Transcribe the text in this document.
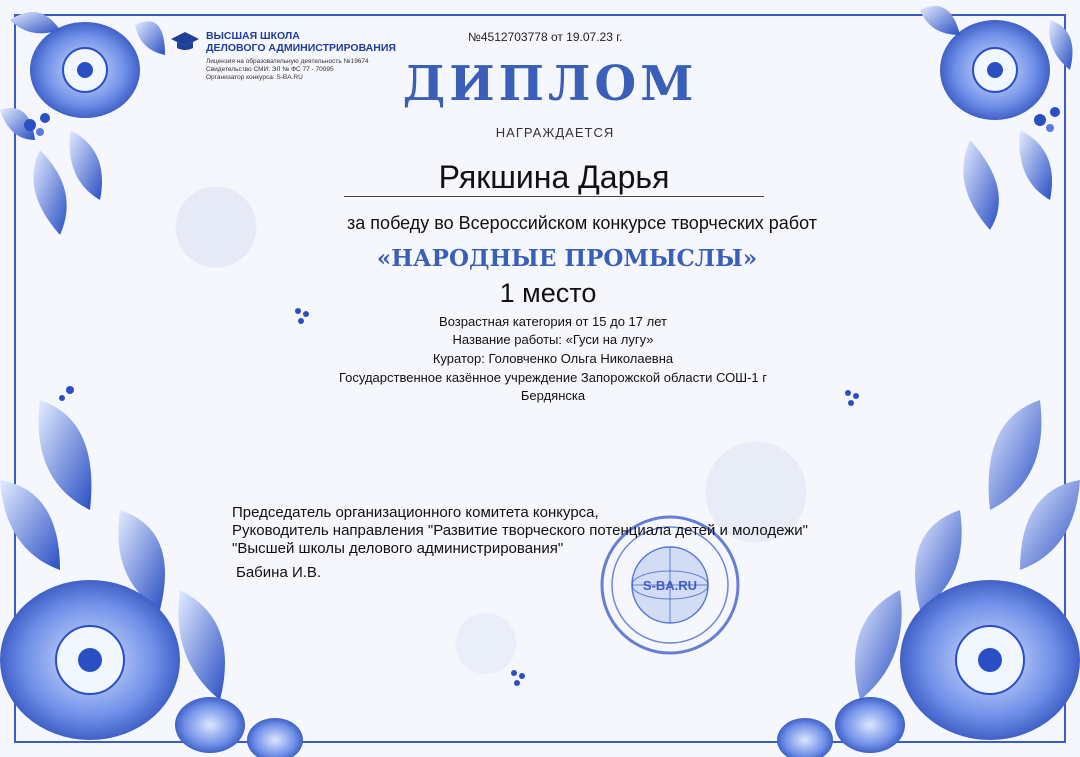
ВЫСШАЯ ШКОЛА
ДЕЛОВОГО АДМИНИСТРИРОВАНИЯ
Лицензия на образовательную деятельность №19674
Свидетельство СМИ: ЭЛ № ФС 77 - 70095
Организатор конкурса: S-BA.RU
№4512703778 от 19.07.23 г.
ДИПЛОМ
НАГРАЖДАЕТСЯ
Рякшина Дарья
за победу во Всероссийском конкурсе творческих работ
«НАРОДНЫЕ ПРОМЫСЛЫ»
1 место
Возрастная категория от 15 до 17 лет
Название работы: «Гуси на лугу»
Куратор: Головченко Ольга Николаевна
Государственное казённое учреждение Запорожской области СОШ-1 г
Бердянска
S-BA.RU
Председатель организационного комитета конкурса,
Руководитель направления "Развитие творческого потенциала детей и молодежи"
"Высшей школы делового администрирования"
Бабина И.В.
